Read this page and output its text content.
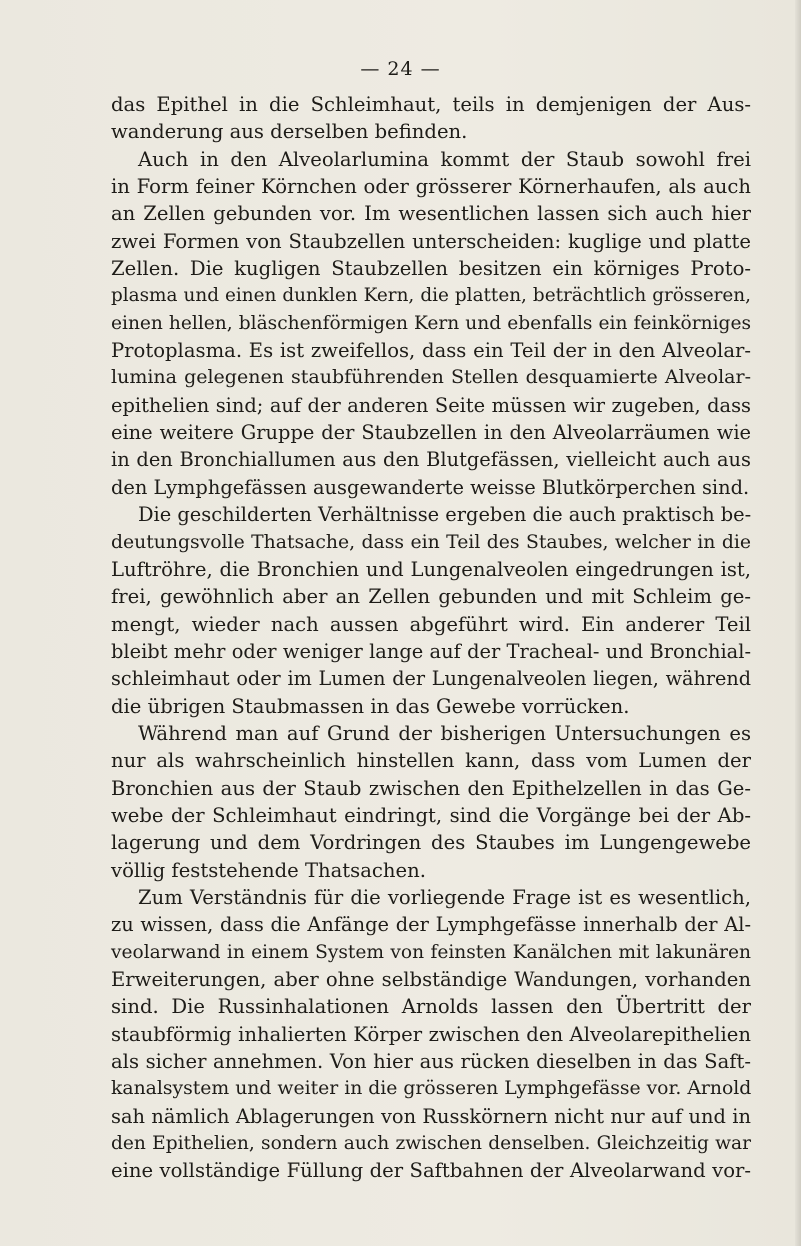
— 24 —
das Epithel in die Schleimhaut, teils in demjenigen der Aus-
wanderung aus derselben befinden.
Auch in den Alveolarlumina kommt der Staub sowohl frei
in Form feiner Körnchen oder grösserer Körnerhaufen, als auch
an Zellen gebunden vor. Im wesentlichen lassen sich auch hier
zwei Formen von Staubzellen unterscheiden: kuglige und platte
Zellen. Die kugligen Staubzellen besitzen ein körniges Proto-
plasma und einen dunklen Kern, die platten, beträchtlich grösseren,
einen hellen, bläschenförmigen Kern und ebenfalls ein feinkörniges
Protoplasma. Es ist zweifellos, dass ein Teil der in den Alveolar-
lumina gelegenen staubführenden Stellen desquamierte Alveolar-
epithelien sind; auf der anderen Seite müssen wir zugeben, dass
eine weitere Gruppe der Staubzellen in den Alveolarräumen wie
in den Bronchiallumen aus den Blutgefässen, vielleicht auch aus
den Lymphgefässen ausgewanderte weisse Blutkörperchen sind.
Die geschilderten Verhältnisse ergeben die auch praktisch be-
deutungsvolle Thatsache, dass ein Teil des Staubes, welcher in die
Luftröhre, die Bronchien und Lungenalveolen eingedrungen ist,
frei, gewöhnlich aber an Zellen gebunden und mit Schleim ge-
mengt, wieder nach aussen abgeführt wird. Ein anderer Teil
bleibt mehr oder weniger lange auf der Tracheal- und Bronchial-
schleimhaut oder im Lumen der Lungenalveolen liegen, während
die übrigen Staubmassen in das Gewebe vorrücken.
Während man auf Grund der bisherigen Untersuchungen es
nur als wahrscheinlich hinstellen kann, dass vom Lumen der
Bronchien aus der Staub zwischen den Epithelzellen in das Ge-
webe der Schleimhaut eindringt, sind die Vorgänge bei der Ab-
lagerung und dem Vordringen des Staubes im Lungengewebe
völlig feststehende Thatsachen.
Zum Verständnis für die vorliegende Frage ist es wesentlich,
zu wissen, dass die Anfänge der Lymphgefässe innerhalb der Al-
veolarwand in einem System von feinsten Kanälchen mit lakunären
Erweiterungen, aber ohne selbständige Wandungen, vorhanden
sind. Die Russinhalationen Arnolds lassen den Übertritt der
staubförmig inhalierten Körper zwischen den Alveolarepithelien
als sicher annehmen. Von hier aus rücken dieselben in das Saft-
kanalsystem und weiter in die grösseren Lymphgefässe vor. Arnold
sah nämlich Ablagerungen von Russkörnern nicht nur auf und in
den Epithelien, sondern auch zwischen denselben. Gleichzeitig war
eine vollständige Füllung der Saftbahnen der Alveolarwand vor-
